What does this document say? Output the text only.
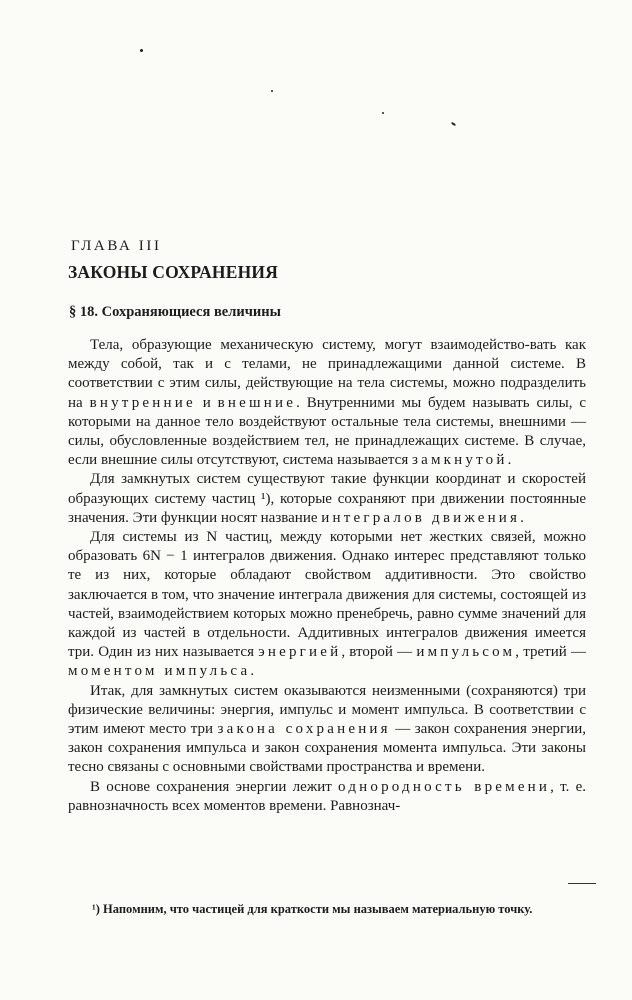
ГЛАВА III
ЗАКОНЫ СОХРАНЕНИЯ
§ 18. Сохраняющиеся величины

Тела, образующие механическую систему, могут взаимодейство-вать как между собой, так и с телами, не принадлежащими данной системе. В соответствии с этим силы, действующие на тела системы, можно подразделить на внутренние и внешние. Внутренними мы будем называть силы, с которыми на данное тело воздействуют остальные тела системы, внешними — силы, обусловленные воздействием тел, не принадлежащих системе. В случае, если внешние силы отсутствуют, система называется замкнутой.

Для замкнутых систем существуют такие функции координат и скоростей образующих систему частиц ¹), которые сохраняют при движении постоянные значения. Эти функции носят название интегралов движения.

Для системы из N частиц, между которыми нет жестких связей, можно образовать 6N − 1 интегралов движения. Однако интерес представляют только те из них, которые обладают свойством аддитивности. Это свойство заключается в том, что значение интеграла движения для системы, состоящей из частей, взаимодействием которых можно пренебречь, равно сумме значений для каждой из частей в отдельности. Аддитивных интегралов движения имеется три. Один из них называется энергией, второй — импульсом, третий — моментом импульса.

Итак, для замкнутых систем оказываются неизменными (сохраняются) три физические величины: энергия, импульс и момент импульса. В соответствии с этим имеют место три закона сохранения — закон сохранения энергии, закон сохранения импульса и закон сохранения момента импульса. Эти законы тесно связаны с основными свойствами пространства и времени.

В основе сохранения энергии лежит однородность времени, т. е. равнозначность всех моментов времени. Равнознач-

¹) Напомним, что частицей для краткости мы называем материальную точку.
